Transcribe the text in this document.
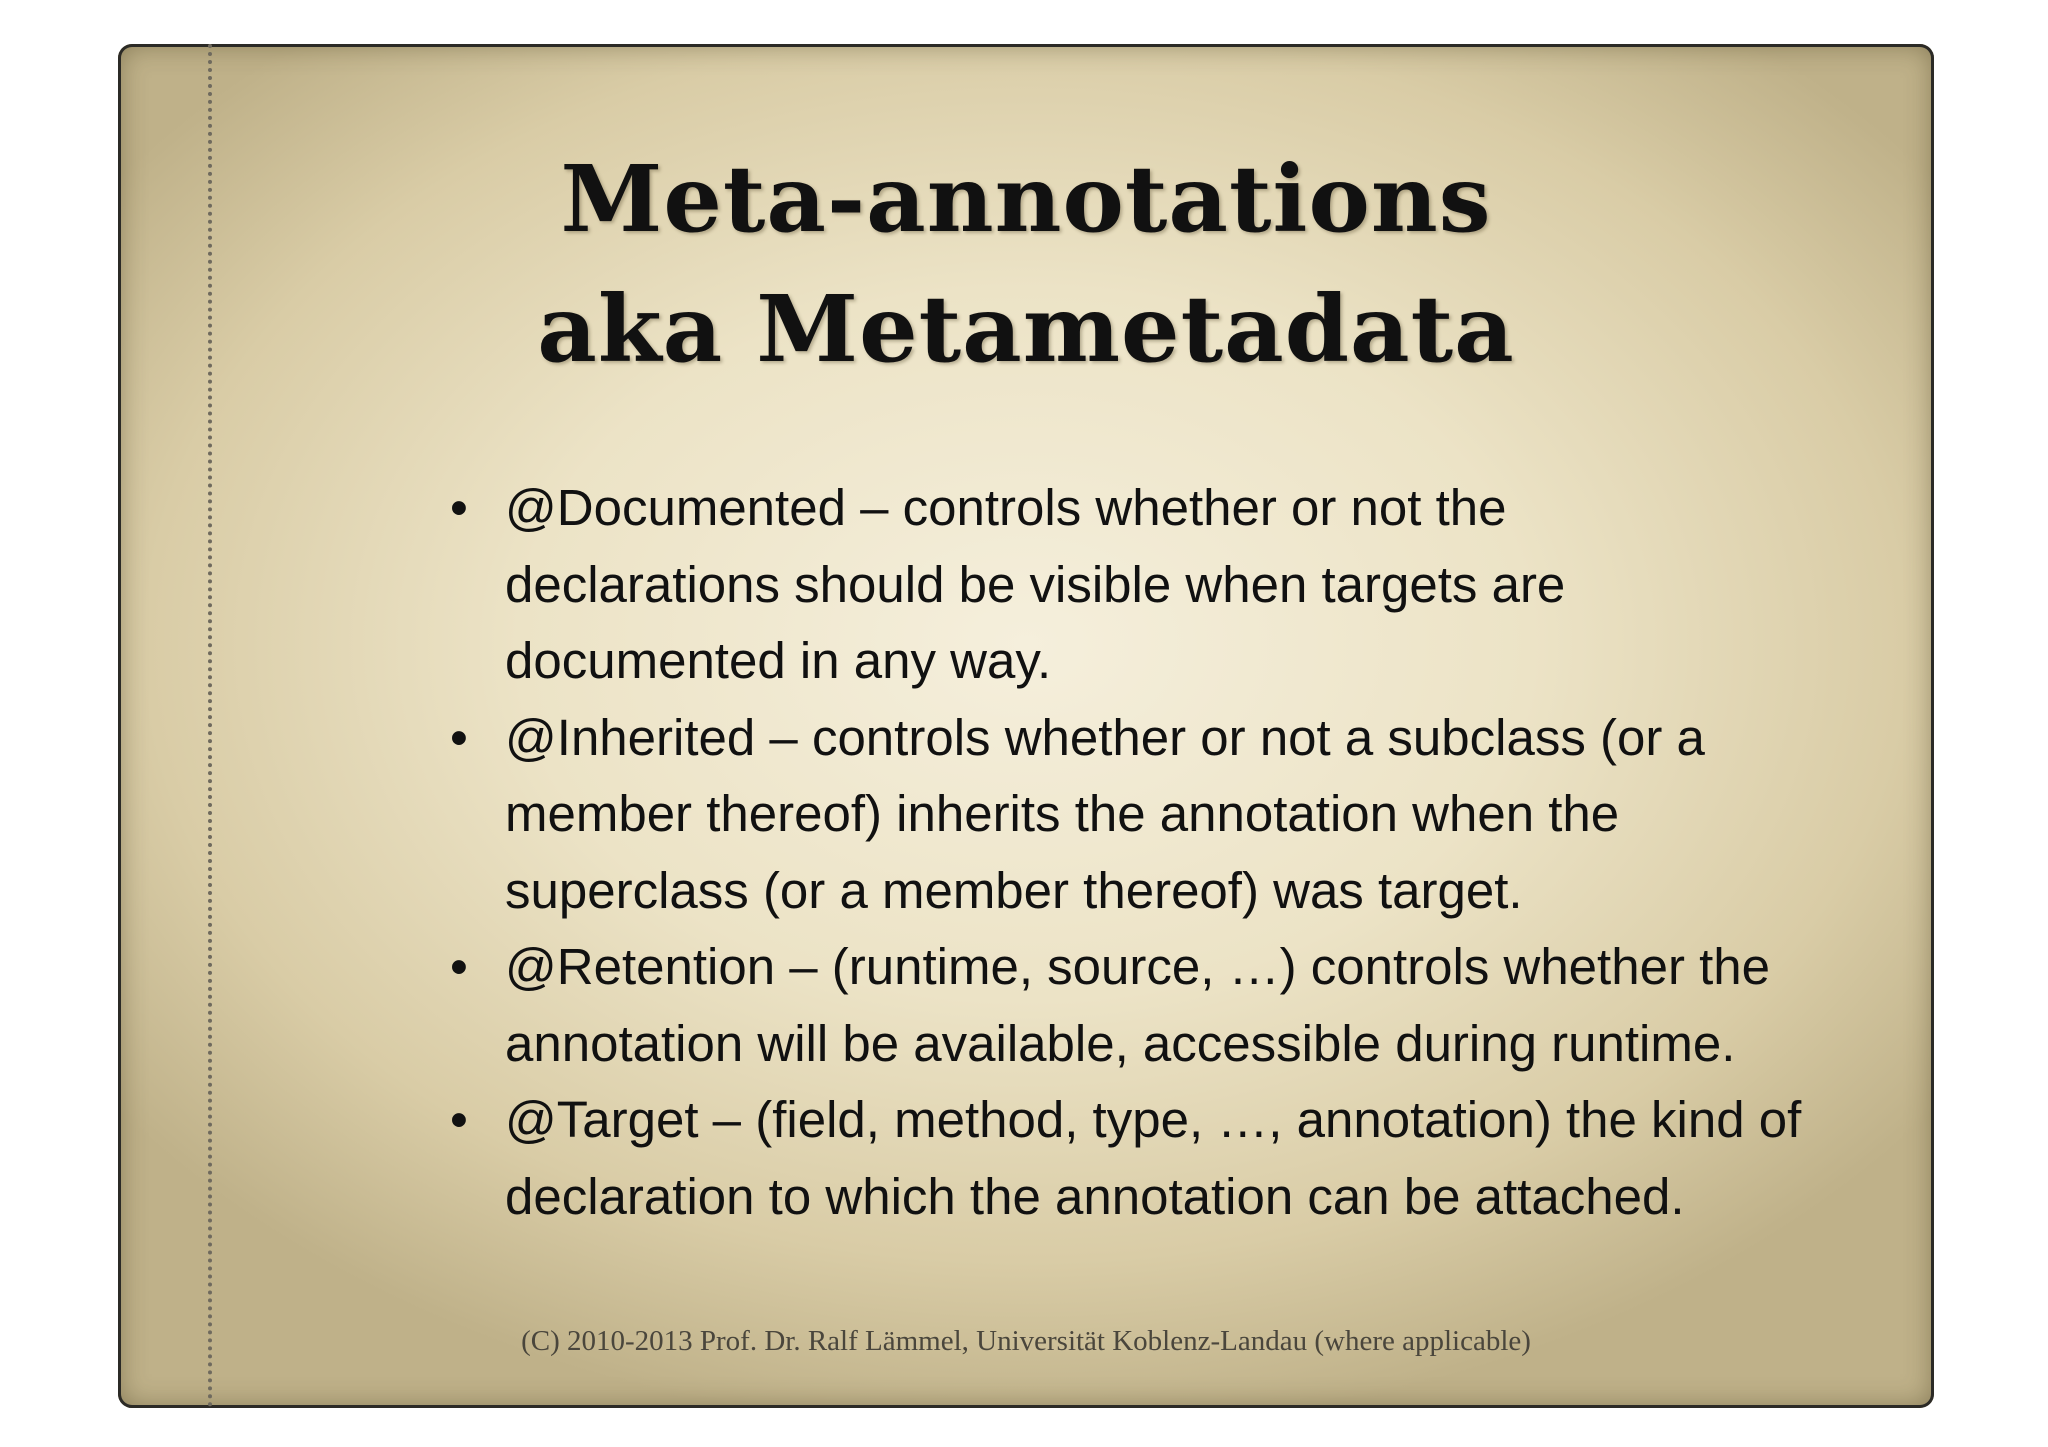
Meta-annotations
aka Metametadata
• @Documented – controls whether or not the
declarations should be visible when targets are
documented in any way.
• @Inherited – controls whether or not a subclass (or a
member thereof) inherits the annotation when the
superclass (or a member thereof) was target.
• @Retention – (runtime, source, …) controls whether the
annotation will be available, accessible during runtime.
• @Target – (field, method, type, …, annotation) the kind of
declaration to which the annotation can be attached.
(C) 2010-2013 Prof. Dr. Ralf Lämmel, Universität Koblenz-Landau (where applicable)
